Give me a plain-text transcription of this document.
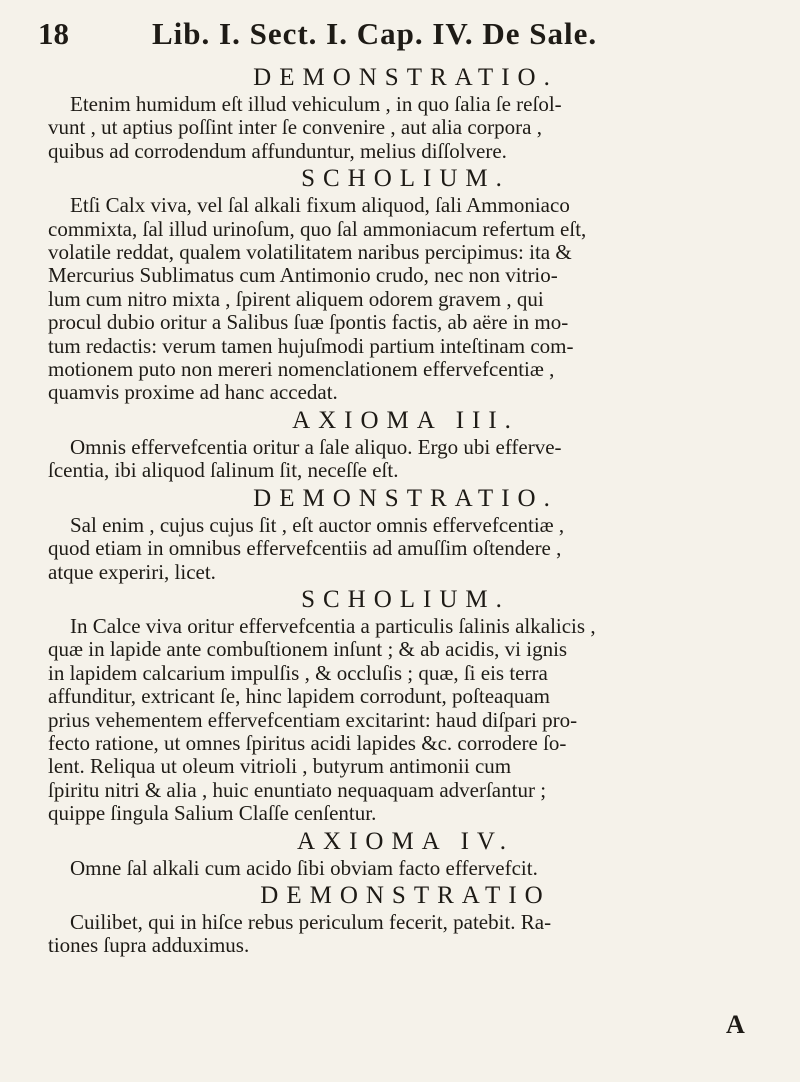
18	Lib. I. Sect. I. Cap. IV. De Sale.
DEMONSTRATIO.
Etenim humidum eſt illud vehiculum , in quo ſalia ſe reſol-
vunt , ut aptius poſſint inter ſe convenire , aut alia corpora ,
quibus ad corrodendum affunduntur, melius diſſolvere.
SCHOLIUM.
Etſi Calx viva, vel ſal alkali fixum aliquod, ſali Ammoniaco
commixta, ſal illud urinoſum, quo ſal ammoniacum refertum eſt,
volatile reddat, qualem volatilitatem naribus percipimus: ita &
Mercurius Sublimatus cum Antimonio crudo, nec non vitrio-
lum cum nitro mixta , ſpirent aliquem odorem gravem , qui
procul dubio oritur a Salibus ſuæ ſpontis factis, ab aëre in mo-
tum redactis: verum tamen hujuſmodi partium inteſtinam com-
motionem puto non mereri nomenclationem effervefcentiæ ,
quamvis proxime ad hanc accedat.
AXIOMA III.
Omnis effervefcentia oritur a ſale aliquo. Ergo ubi efferve-
ſcentia, ibi aliquod ſalinum ſit, neceſſe eſt.
DEMONSTRATIO.
Sal enim , cujus cujus ſit , eſt auctor omnis effervefcentiæ ,
quod etiam in omnibus effervefcentiis ad amuſſim oſtendere ,
atque experiri, licet.
SCHOLIUM.
In Calce viva oritur effervefcentia a particulis ſalinis alkalicis ,
quæ in lapide ante combuſtionem inſunt ; & ab acidis, vi ignis
in lapidem calcarium impulſis , & occluſis ; quæ, ſi eis terra
affunditur, extricant ſe, hinc lapidem corrodunt, poſteaquam
prius vehementem effervefcentiam excitarint: haud diſpari pro-
fecto ratione, ut omnes ſpiritus acidi lapides &c. corrodere ſo-
lent. Reliqua ut oleum vitrioli , butyrum antimonii cum
ſpiritu nitri & alia , huic enuntiato nequaquam adverſantur ;
quippe ſingula Salium Claſſe cenſentur.
AXIOMA IV.
Omne ſal alkali cum acido ſibi obviam facto effervefcit.
DEMONSTRATIO
Cuilibet, qui in hiſce rebus periculum fecerit, patebit. Ra-
tiones ſupra adduximus.
A
